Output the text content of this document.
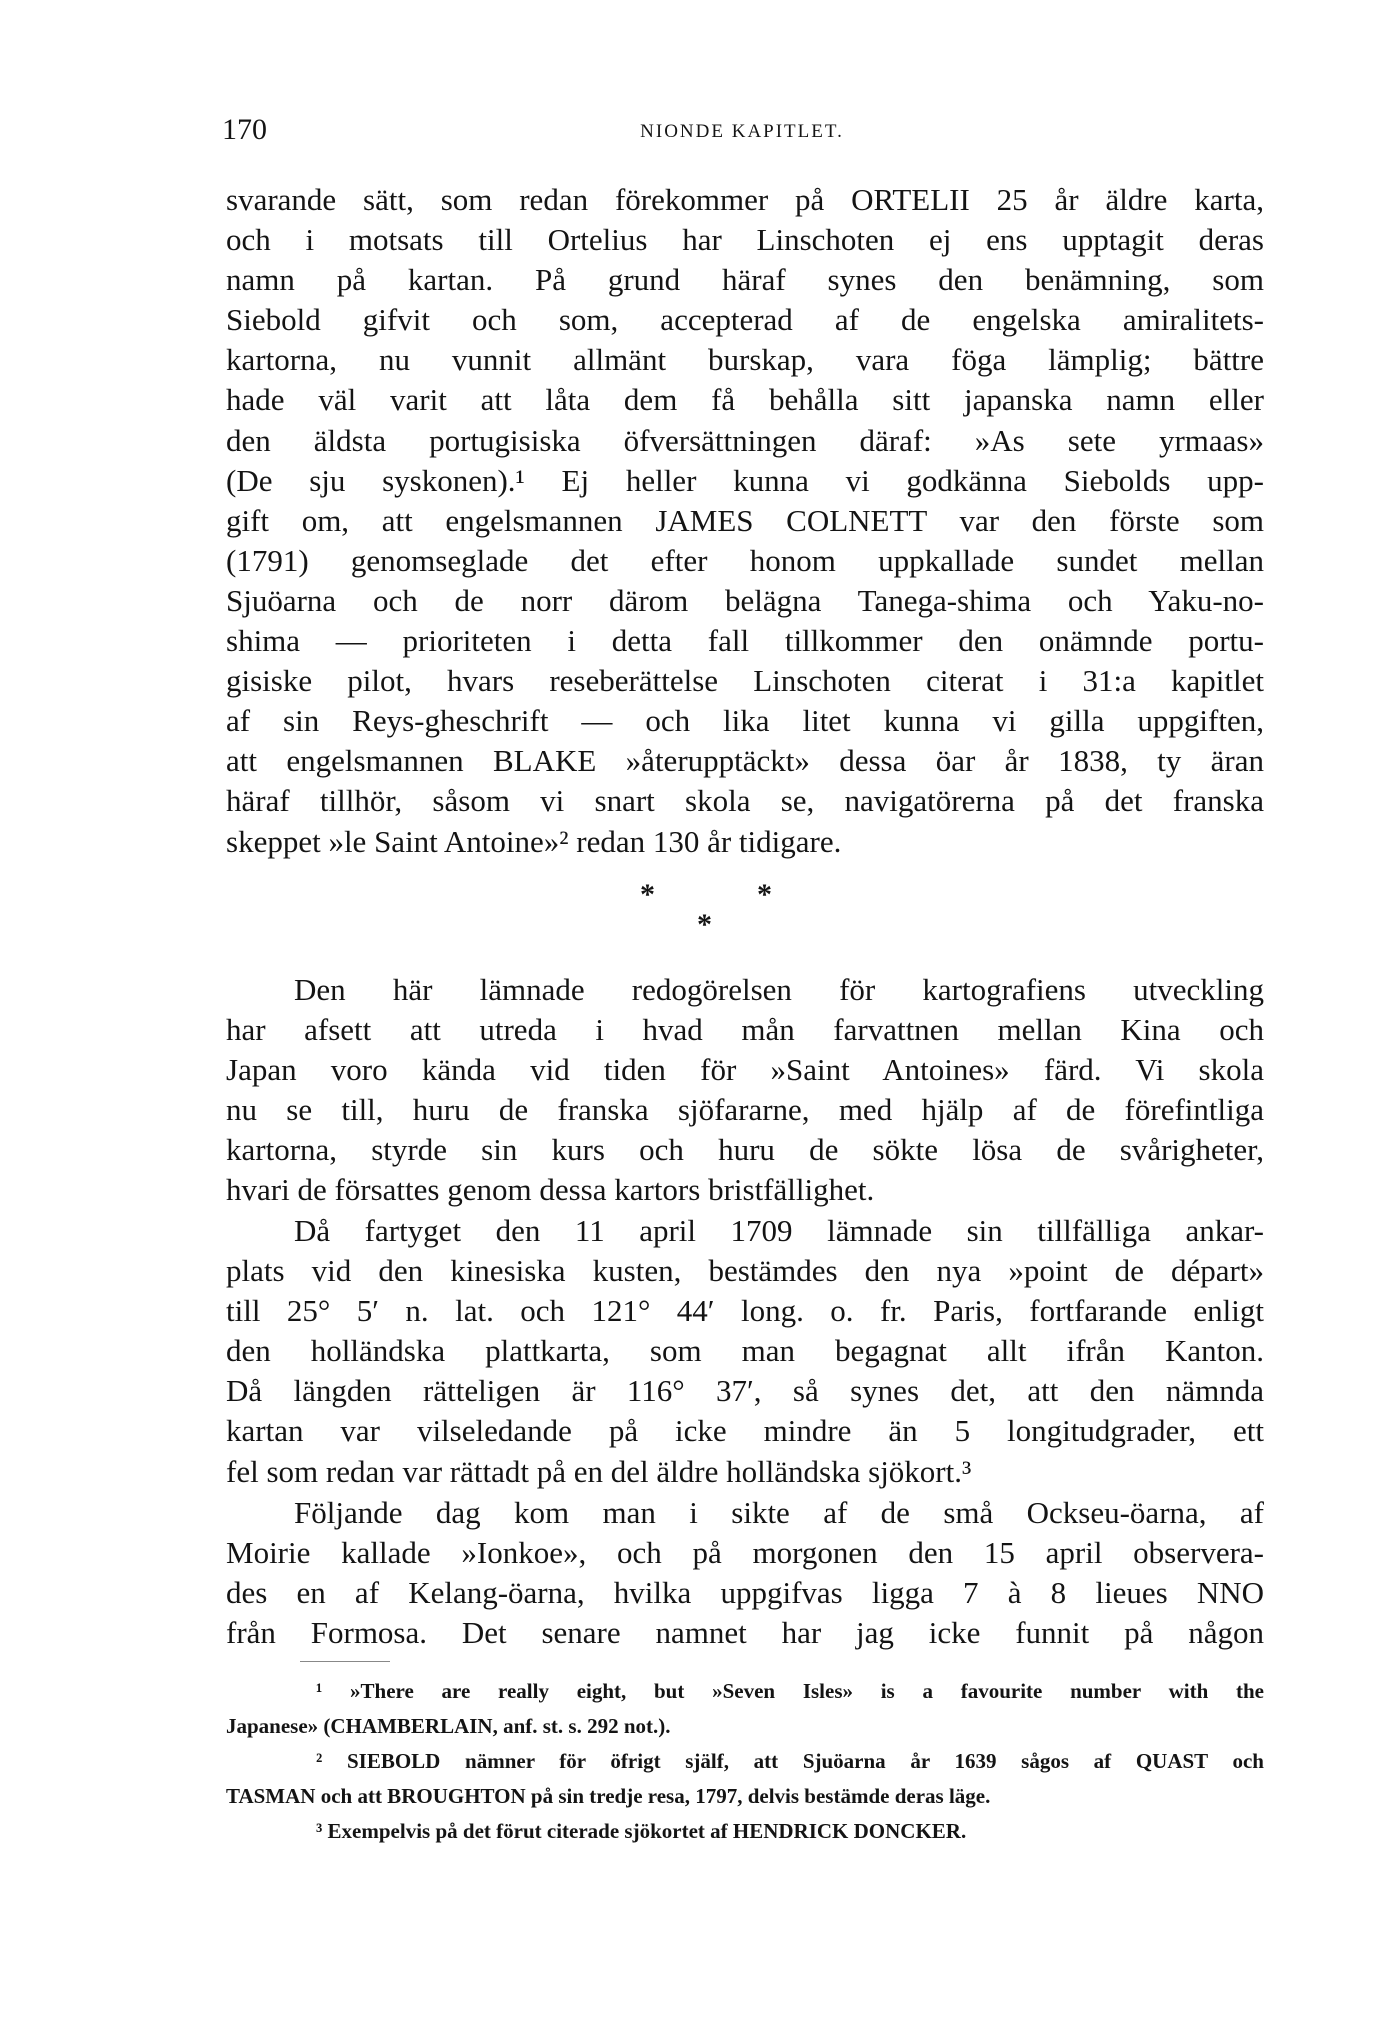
170	NIONDE KAPITLET.
svarande sätt, som redan förekommer på ORTELII 25 år äldre karta,
och i motsats till Ortelius har Linschoten ej ens upptagit deras
namn på kartan. På grund häraf synes den benämning, som
Siebold gifvit och som, accepterad af de engelska amiralitets-
kartorna, nu vunnit allmänt burskap, vara föga lämplig; bättre
hade väl varit att låta dem få behålla sitt japanska namn eller
den äldsta portugisiska öfversättningen däraf: »As sete yrmaas»
(De sju syskonen).¹ Ej heller kunna vi godkänna Siebolds upp-
gift om, att engelsmannen JAMES COLNETT var den förste som
(1791) genomseglade det efter honom uppkallade sundet mellan
Sjuöarna och de norr därom belägna Tanega-shima och Yaku-no-
shima — prioriteten i detta fall tillkommer den onämnde portu-
gisiske pilot, hvars reseberättelse Linschoten citerat i 31:a kapitlet
af sin Reys-gheschrift — och lika litet kunna vi gilla uppgiften,
att engelsmannen BLAKE »återupptäckt» dessa öar år 1838, ty äran
häraf tillhör, såsom vi snart skola se, navigatörerna på det franska
skeppet »le Saint Antoine»² redan 130 år tidigare.
*	*
*
Den här lämnade redogörelsen för kartografiens utveckling
har afsett att utreda i hvad mån farvattnen mellan Kina och
Japan voro kända vid tiden för »Saint Antoines» färd. Vi skola
nu se till, huru de franska sjöfararne, med hjälp af de förefintliga
kartorna, styrde sin kurs och huru de sökte lösa de svårigheter,
hvari de försattes genom dessa kartors bristfällighet.
Då fartyget den 11 april 1709 lämnade sin tillfälliga ankar-
plats vid den kinesiska kusten, bestämdes den nya »point de départ»
till 25° 5′ n. lat. och 121° 44′ long. o. fr. Paris, fortfarande enligt
den holländska plattkarta, som man begagnat allt ifrån Kanton.
Då längden rätteligen är 116° 37′, så synes det, att den nämnda
kartan var vilseledande på icke mindre än 5 longitudgrader, ett
fel som redan var rättadt på en del äldre holländska sjökort.³
Följande dag kom man i sikte af de små Ockseu-öarna, af
Moirie kallade »Ionkoe», och på morgonen den 15 april observera-
des en af Kelang-öarna, hvilka uppgifvas ligga 7 à 8 lieues NNO
från Formosa. Det senare namnet har jag icke funnit på någon
¹ »There are really eight, but »Seven Isles» is a favourite number with the
Japanese» (CHAMBERLAIN, anf. st. s. 292 not.).
² SIEBOLD nämner för öfrigt själf, att Sjuöarna år 1639 sågos af QUAST och
TASMAN och att BROUGHTON på sin tredje resa, 1797, delvis bestämde deras läge.
³ Exempelvis på det förut citerade sjökortet af HENDRICK DONCKER.
